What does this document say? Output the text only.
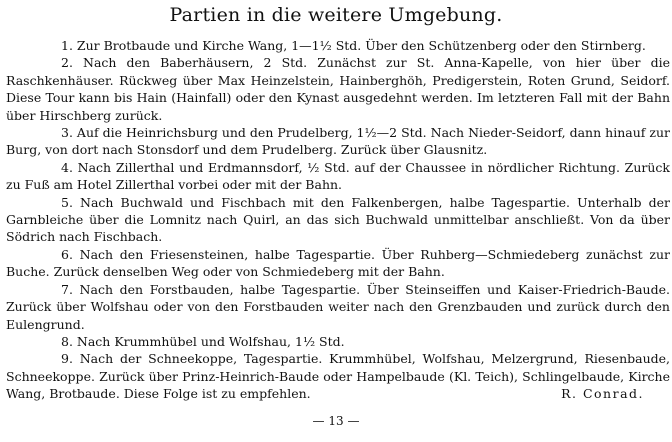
Partien in die weitere Umgebung.

1. Zur Brotbaude und Kirche Wang, 1—1½ Std. Über den Schützenberg oder den Stirnberg.

2. Nach den Baberhäusern, 2 Std. Zunächst zur St. Anna-Kapelle, von hier über die Raschkenhäuser. Rückweg über Max Heinzelstein, Hainberghöh, Predigerstein, Roten Grund, Seidorf. Diese Tour kann bis Hain (Hainfall) oder den Kynast ausgedehnt werden. Im letzteren Fall mit der Bahn über Hirschberg zurück.

3. Auf die Heinrichsburg und den Prudelberg, 1½—2 Std. Nach Nieder-Seidorf, dann hinauf zur Burg, von dort nach Stonsdorf und dem Prudelberg. Zurück über Glausnitz.

4. Nach Zillerthal und Erdmannsdorf, ½ Std. auf der Chaussee in nördlicher Richtung. Zurück zu Fuß am Hotel Zillerthal vorbei oder mit der Bahn.

5. Nach Buchwald und Fischbach mit den Falkenbergen, halbe Tagespartie. Unterhalb der Garnbleiche über die Lomnitz nach Quirl, an das sich Buchwald unmittelbar anschließt. Von da über Södrich nach Fischbach.

6. Nach den Friesensteinen, halbe Tagespartie. Über Ruhberg—Schmiedeberg zunächst zur Buche. Zurück denselben Weg oder von Schmiedeberg mit der Bahn.

7. Nach den Forstbauden, halbe Tagespartie. Über Steinseiffen und Kaiser-Friedrich-Baude. Zurück über Wolfshau oder von den Forstbauden weiter nach den Grenzbauden und zurück durch den Eulengrund.

8. Nach Krummhübel und Wolfshau, 1½ Std.

9. Nach der Schneekoppe, Tagespartie. Krummhübel, Wolfshau, Melzergrund, Riesenbaude, Schneekoppe. Zurück über Prinz-Heinrich-Baude oder Hampelbaude (Kl. Teich), Schlingelbaude, Kirche Wang, Brotbaude. Diese Folge ist zu empfehlen.	R. Conrad.

— 13 —
